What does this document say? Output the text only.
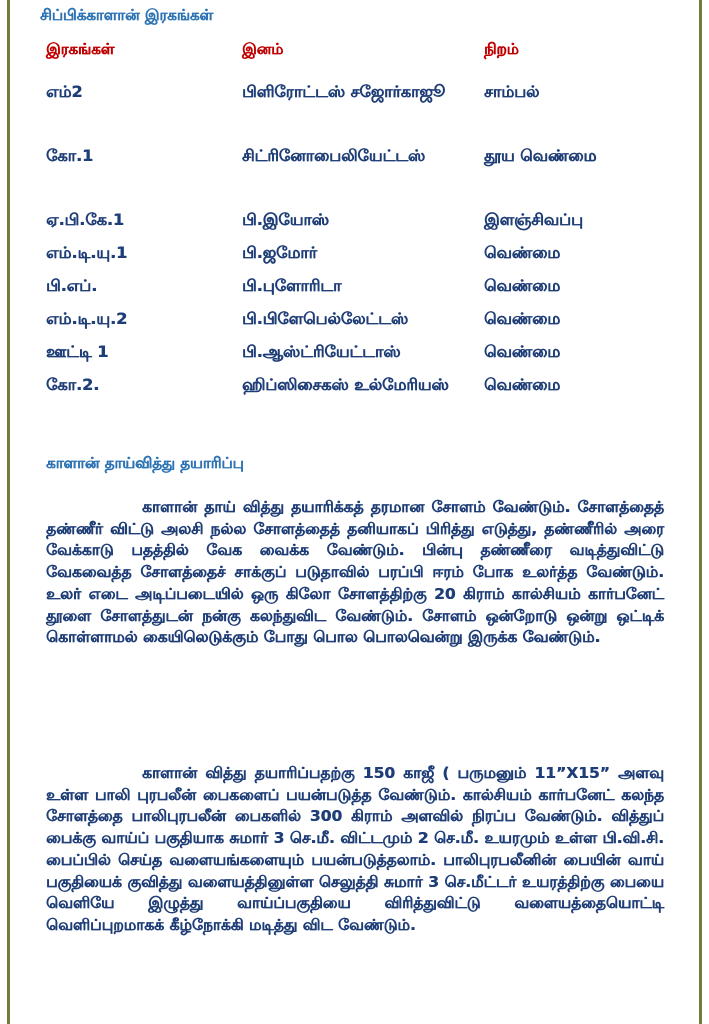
சிப்பிக்காளான் இரகங்கள்
இரகங்கள்	இனம்	நிறம்
எம்2	பிளிரோட்டஸ் சஜோர்காஜூ	சாம்பல்
கோ.1	சிட்ரினோபைலியேட்டஸ்	தூய வெண்மை
ஏ.பி.கே.1	பி.இயோஸ்	இளஞ்சிவப்பு
எம்.டி.யு.1	பி.ஜமோர்	வெண்மை
பி.எப்.	பி.புளோரிடா	வெண்மை
எம்.டி.யு.2	பி.பிளேபெல்லேட்டஸ்	வெண்மை
ஊட்டி 1	பி.ஆஸ்ட்ரியேட்டாஸ்	வெண்மை
கோ.2.	ஹிப்ஸிசைகஸ் உல்மேரியஸ்	வெண்மை
காளான் தாய்வித்து தயாரிப்பு

காளான் தாய் வித்து தயாரிக்கத் தரமான சோளம் வேண்டும். சோளத்தைத் தண்ணீர் விட்டு அலசி நல்ல சோளத்தைத் தனியாகப் பிரித்து எடுத்து, தண்ணீரில் அரை வேக்காடு பதத்தில் வேக வைக்க வேண்டும். பின்பு தண்ணீரை வடித்துவிட்டு வேகவைத்த சோளத்தைச் சாக்குப் படுதாவில் பரப்பி ஈரம் போக உலர்த்த வேண்டும். உலர் எடை அடிப்படையில் ஒரு கிலோ சோளத்திற்கு 20 கிராம் கால்சியம் கார்பனேட் தூளை சோளத்துடன் நன்கு கலந்துவிட வேண்டும். சோளம் ஒன்றோடு ஒன்று ஒட்டிக் கொள்ளாமல் கையிலெடுக்கும் போது பொல பொலவென்று இருக்க வேண்டும்.

காளான் வித்து தயாரிப்பதற்கு 150 காஜீ ( பருமனும் 11”X15” அளவு உள்ள பாலி புரபலீன் பைகளைப் பயன்படுத்த வேண்டும். கால்சியம் கார்பனேட் கலந்த சோளத்தை பாலிபுரபலீன் பைகளில் 300 கிராம் அளவில் நிரப்ப வேண்டும். வித்துப் பைக்கு வாய்ப் பகுதியாக சுமார் 3 செ.மீ. விட்டமும் 2 செ.மீ. உயரமும் உள்ள பி.வி.சி. பைப்பில் செய்த வளையங்களையும் பயன்படுத்தலாம். பாலிபுரபலீனின் பையின் வாய் பகுதியைக் குவித்து வளையத்தினுள்ள செலுத்தி சுமார் 3 செ.மீட்டர் உயரத்திற்கு பையை வெளியே இழுத்து வாய்ப்பகுதியை விரித்துவிட்டு வளையத்தையொட்டி வெளிப்புறமாகக் கீழ்நோக்கி மடித்து விட வேண்டும்.
